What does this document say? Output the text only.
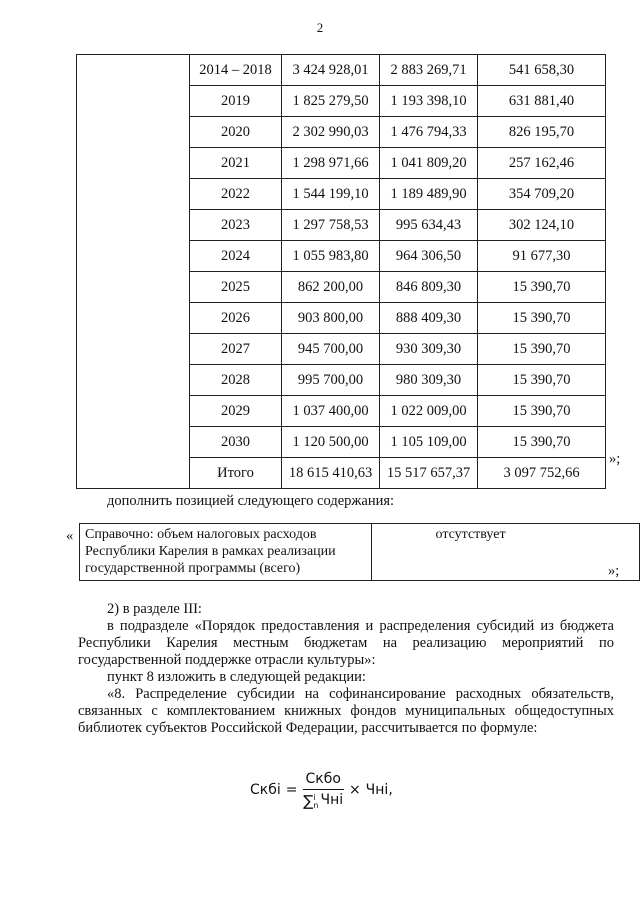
2
	2014 – 2018	3 424 928,01	2 883 269,71	541 658,30
	2019	1 825 279,50	1 193 398,10	631 881,40
	2020	2 302 990,03	1 476 794,33	826 195,70
	2021	1 298 971,66	1 041 809,20	257 162,46
	2022	1 544 199,10	1 189 489,90	354 709,20
	2023	1 297 758,53	995 634,43	302 124,10
	2024	1 055 983,80	964 306,50	91 677,30
	2025	862 200,00	846 809,30	15 390,70
	2026	903 800,00	888 409,30	15 390,70
	2027	945 700,00	930 309,30	15 390,70
	2028	995 700,00	980 309,30	15 390,70
	2029	1 037 400,00	1 022 009,00	15 390,70
	2030	1 120 500,00	1 105 109,00	15 390,70
	Итого	18 615 410,63	15 517 657,37	3 097 752,66
»;
дополнить позицией следующего содержания:
« Справочно: объем налоговых расходов Республики Карелия в рамках реализации государственной программы (всего)	отсутствует
»;
2) в разделе III:
в подразделе «Порядок предоставления и распределения субсидий из бюджета Республики Карелия местным бюджетам на реализацию мероприятий по государственной поддержке отрасли культуры»:
пункт 8 изложить в следующей редакции:
«8. Распределение субсидии на софинансирование расходных обязательств, связанных с комплектованием книжных фондов муниципальных общедоступных библиотек субъектов Российской Федерации, рассчитывается по формуле:
Скбi = Скбо
∑ i
n Чнi × Чнi,
